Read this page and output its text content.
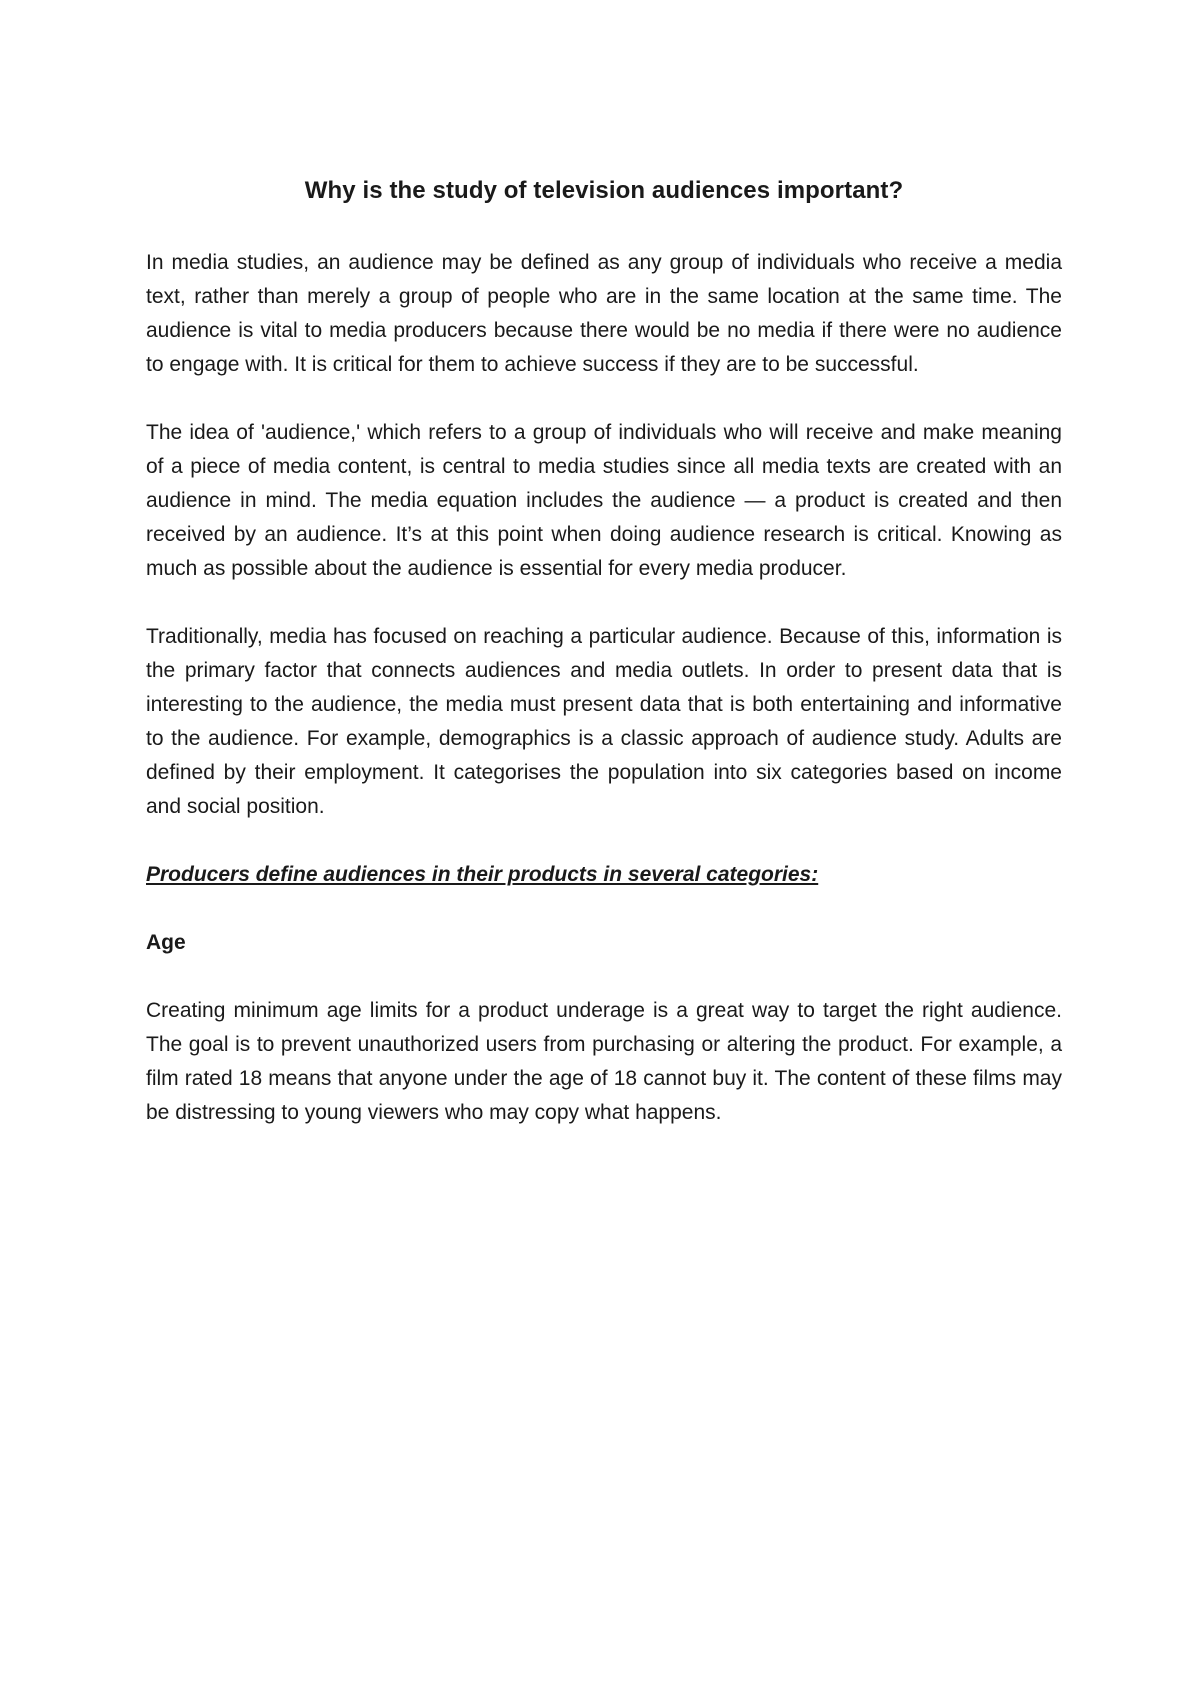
Why is the study of television audiences important?

In media studies, an audience may be defined as any group of individuals who receive a media text, rather than merely a group of people who are in the same location at the same time. The audience is vital to media producers because there would be no media if there were no audience to engage with. It is critical for them to achieve success if they are to be successful.

The idea of 'audience,' which refers to a group of individuals who will receive and make meaning of a piece of media content, is central to media studies since all media texts are created with an audience in mind. The media equation includes the audience — a product is created and then received by an audience. It’s at this point when doing audience research is critical. Knowing as much as possible about the audience is essential for every media producer.

Traditionally, media has focused on reaching a particular audience. Because of this, information is the primary factor that connects audiences and media outlets. In order to present data that is interesting to the audience, the media must present data that is both entertaining and informative to the audience. For example, demographics is a classic approach of audience study. Adults are defined by their employment. It categorises the population into six categories based on income and social position.

Producers define audiences in their products in several categories:

Age

Creating minimum age limits for a product underage is a great way to target the right audience. The goal is to prevent unauthorized users from purchasing or altering the product. For example, a film rated 18 means that anyone under the age of 18 cannot buy it. The content of these films may be distressing to young viewers who may copy what happens.
